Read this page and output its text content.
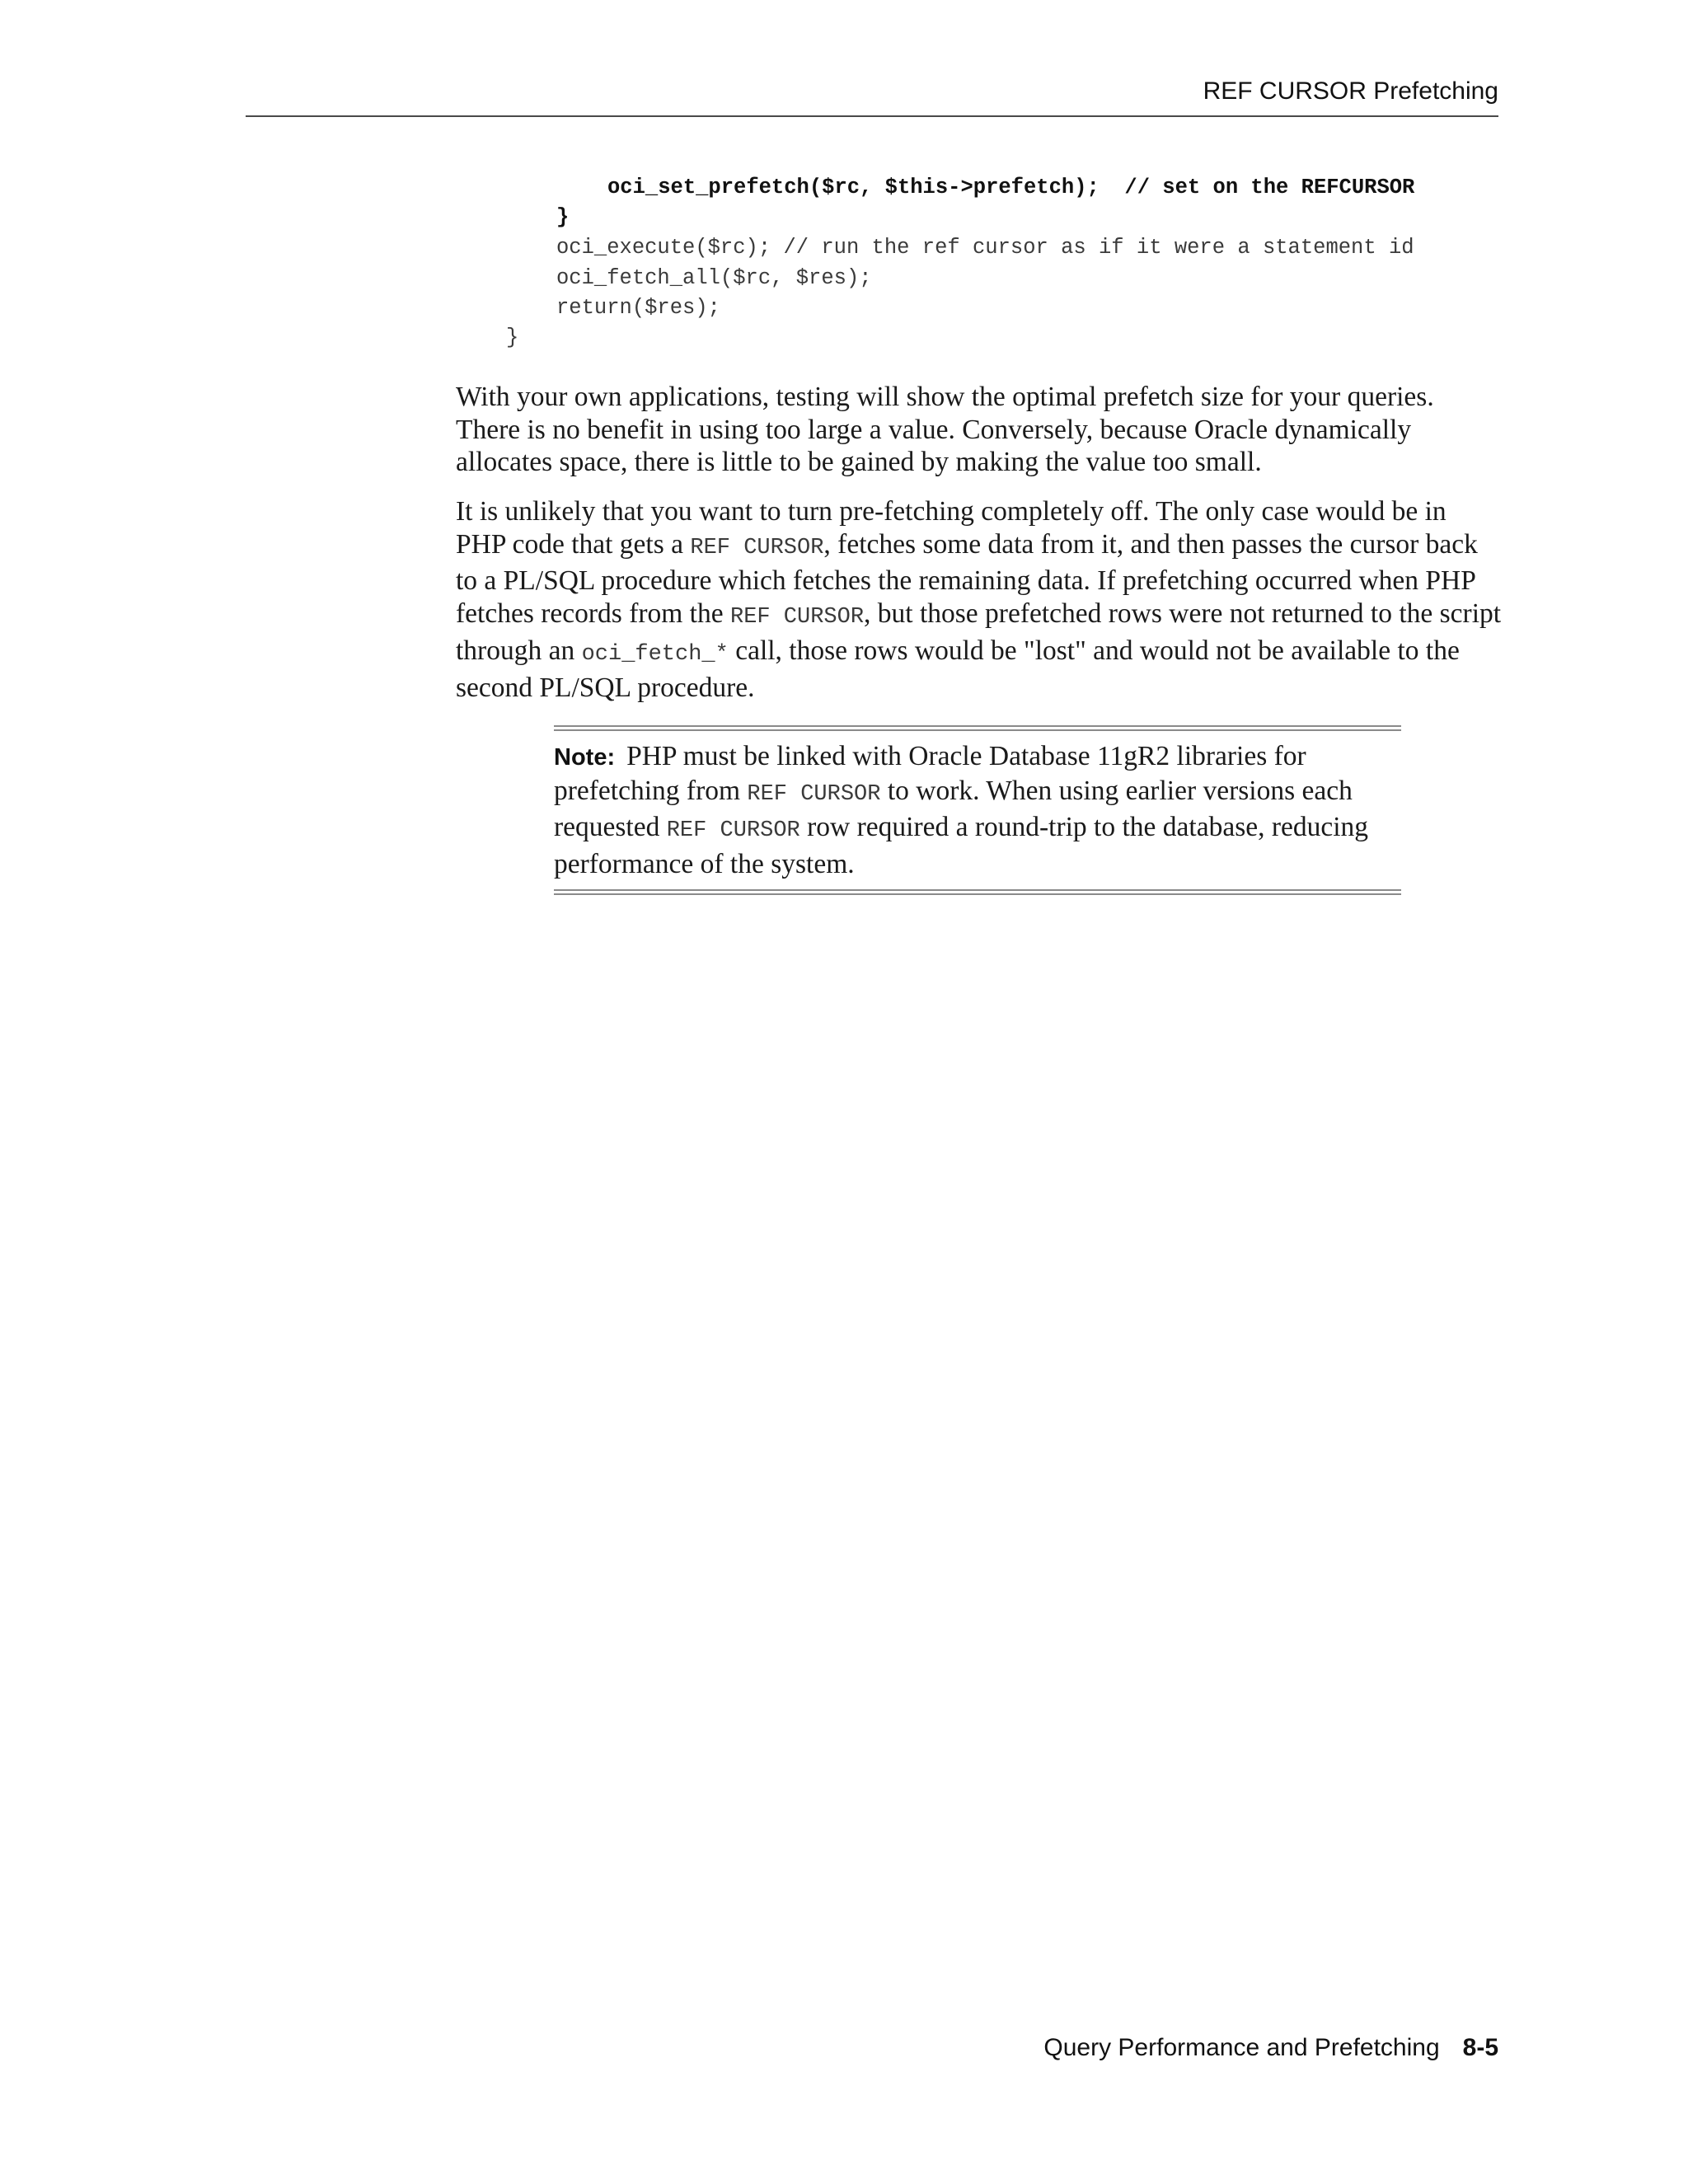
REF CURSOR Prefetching
oci_set_prefetch($rc, $this->prefetch);  // set on the REFCURSOR
}
oci_execute($rc); // run the ref cursor as if it were a statement id
oci_fetch_all($rc, $res);
return($res);
}

With your own applications, testing will show the optimal prefetch size for your queries. There is no benefit in using too large a value. Conversely, because Oracle dynamically allocates space, there is little to be gained by making the value too small.

It is unlikely that you want to turn pre-fetching completely off. The only case would be in PHP code that gets a REF CURSOR, fetches some data from it, and then passes the cursor back to a PL/SQL procedure which fetches the remaining data. If prefetching occurred when PHP fetches records from the REF CURSOR, but those prefetched rows were not returned to the script through an oci_fetch_* call, those rows would be "lost" and would not be available to the second PL/SQL procedure.

Note: PHP must be linked with Oracle Database 11gR2 libraries for prefetching from REF CURSOR to work. When using earlier versions each requested REF CURSOR row required a round-trip to the database, reducing performance of the system.

Query Performance and Prefetching 8-5
